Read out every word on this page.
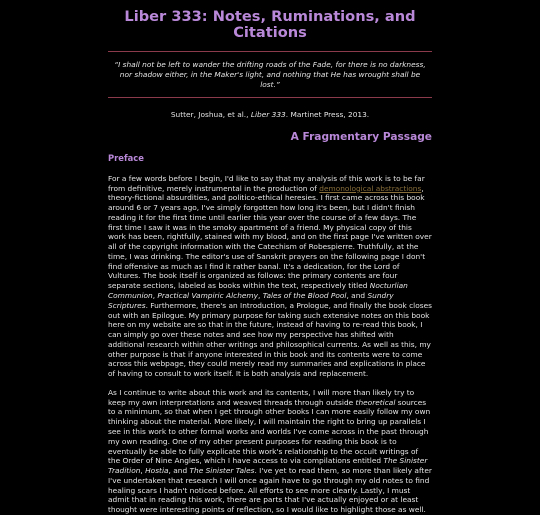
Liber 333: Notes, Ruminations, and Citations
“I shall not be left to wander the drifting roads of the Fade, for there is no darkness, nor shadow either, in the Maker's light, and nothing that He has wrought shall be lost.”
Sutter, Joshua, et al., Liber 333. Martinet Press, 2013.
A Fragmentary Passage
Preface

For a few words before I begin, I'd like to say that my analysis of this work is to be far from definitive, merely instrumental in the production of demonological abstractions, theory-fictional absurdities, and politico-ethical heresies. I first came across this book around 6 or 7 years ago, I've simply forgotten how long it's been, but I didn't finish reading it for the first time until earlier this year over the course of a few days. The first time I saw it was in the smoky apartment of a friend. My physical copy of this work has been, rightfully, stained with my blood, and on the first page I've written over all of the copyright information with the Catechism of Robespierre. Truthfully, at the time, I was drinking. The editor's use of Sanskrit prayers on the following page I don't find offensive as much as I find it rather banal. It's a dedication, for the Lord of Vultures. The book itself is organized as follows: the primary contents are four separate sections, labeled as books within the text, respectively titled Nocturlian Communion, Practical Vampiric Alchemy, Tales of the Blood Pool, and Sundry Scriptures. Furthermore, there's an Introduction, a Prologue, and finally the book closes out with an Epilogue. My primary purpose for taking such extensive notes on this book here on my website are so that in the future, instead of having to re-read this book, I can simply go over these notes and see how my perspective has shifted with additional research within other writings and philosophical currents. As well as this, my other purpose is that if anyone interested in this book and its contents were to come across this webpage, they could merely read my summaries and explications in place of having to consult to work itself. It is both analysis and replacement.

As I continue to write about this work and its contents, I will more than likely try to keep my own interpretations and weaved threads through outside theoretical sources to a minimum, so that when I get through other books I can more easily follow my own thinking about the material. More likely, I will maintain the right to bring up parallels I see in this work to other formal works and worlds I've come across in the past through my own reading. One of my other present purposes for reading this book is to eventually be able to fully explicate this work's relationship to the occult writings of the Order of Nine Angles, which I have access to via compilations entitled The Sinister Tradition, Hostia, and The Sinister Tales. I've yet to read them, so more than likely after I've undertaken that research I will once again have to go through my old notes to find healing scars I hadn't noticed before. All efforts to see more clearly. Lastly, I must admit that in reading this work, there are parts that I've actually enjoyed or at least thought were interesting points of reflection, so I would like to highlight those as well.
